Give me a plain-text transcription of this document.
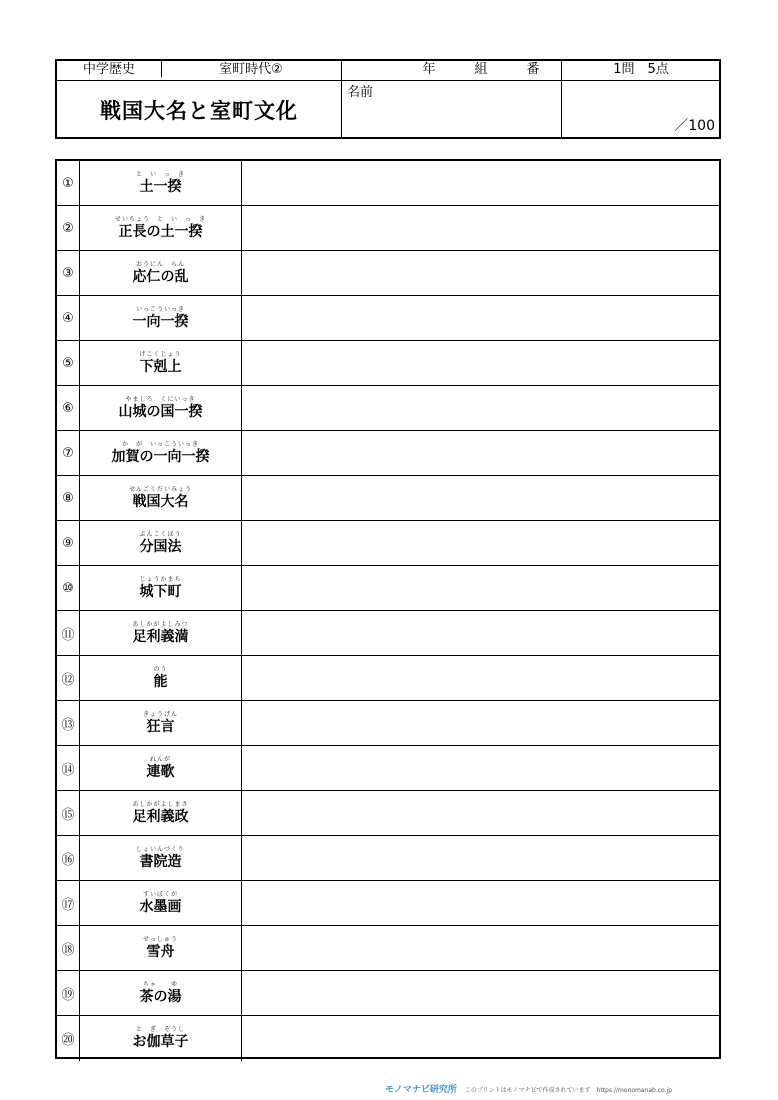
中学歴史	室町時代②	年　　　組　　　番	1問　5点
戦国大名と室町文化
名前
／100
①
と　い　っ　き
土一揆
②
せいちょう　と　い　っ　き
正長の土一揆
③
おうにん　らん
応仁の乱
④
いっこういっき
一向一揆
⑤
げこくじょう
下剋上
⑥
やましろ　くにいっき
山城の国一揆
⑦
か　が　いっこういっき
加賀の一向一揆
⑧
せんごくだいみょう
戦国大名
⑨
ぶんこくほう
分国法
⑩
じょうかまち
城下町
⑪
あしかがよしみつ
足利義満
⑫
のう
能
⑬
きょうげん
狂言
⑭
れんが
連歌
⑮
あしかがよしまさ
足利義政
⑯
しょいんづくり
書院造
⑰
すいぼくが
水墨画
⑱
せっしゅう
雪舟
⑲
ちゃ　　ゆ
茶の湯
⑳
と　ぎ　ぞうし
お伽草子
モノマナビ研究所 このプリントはモノマナビで作成されています　https://monomanab.co.jp
